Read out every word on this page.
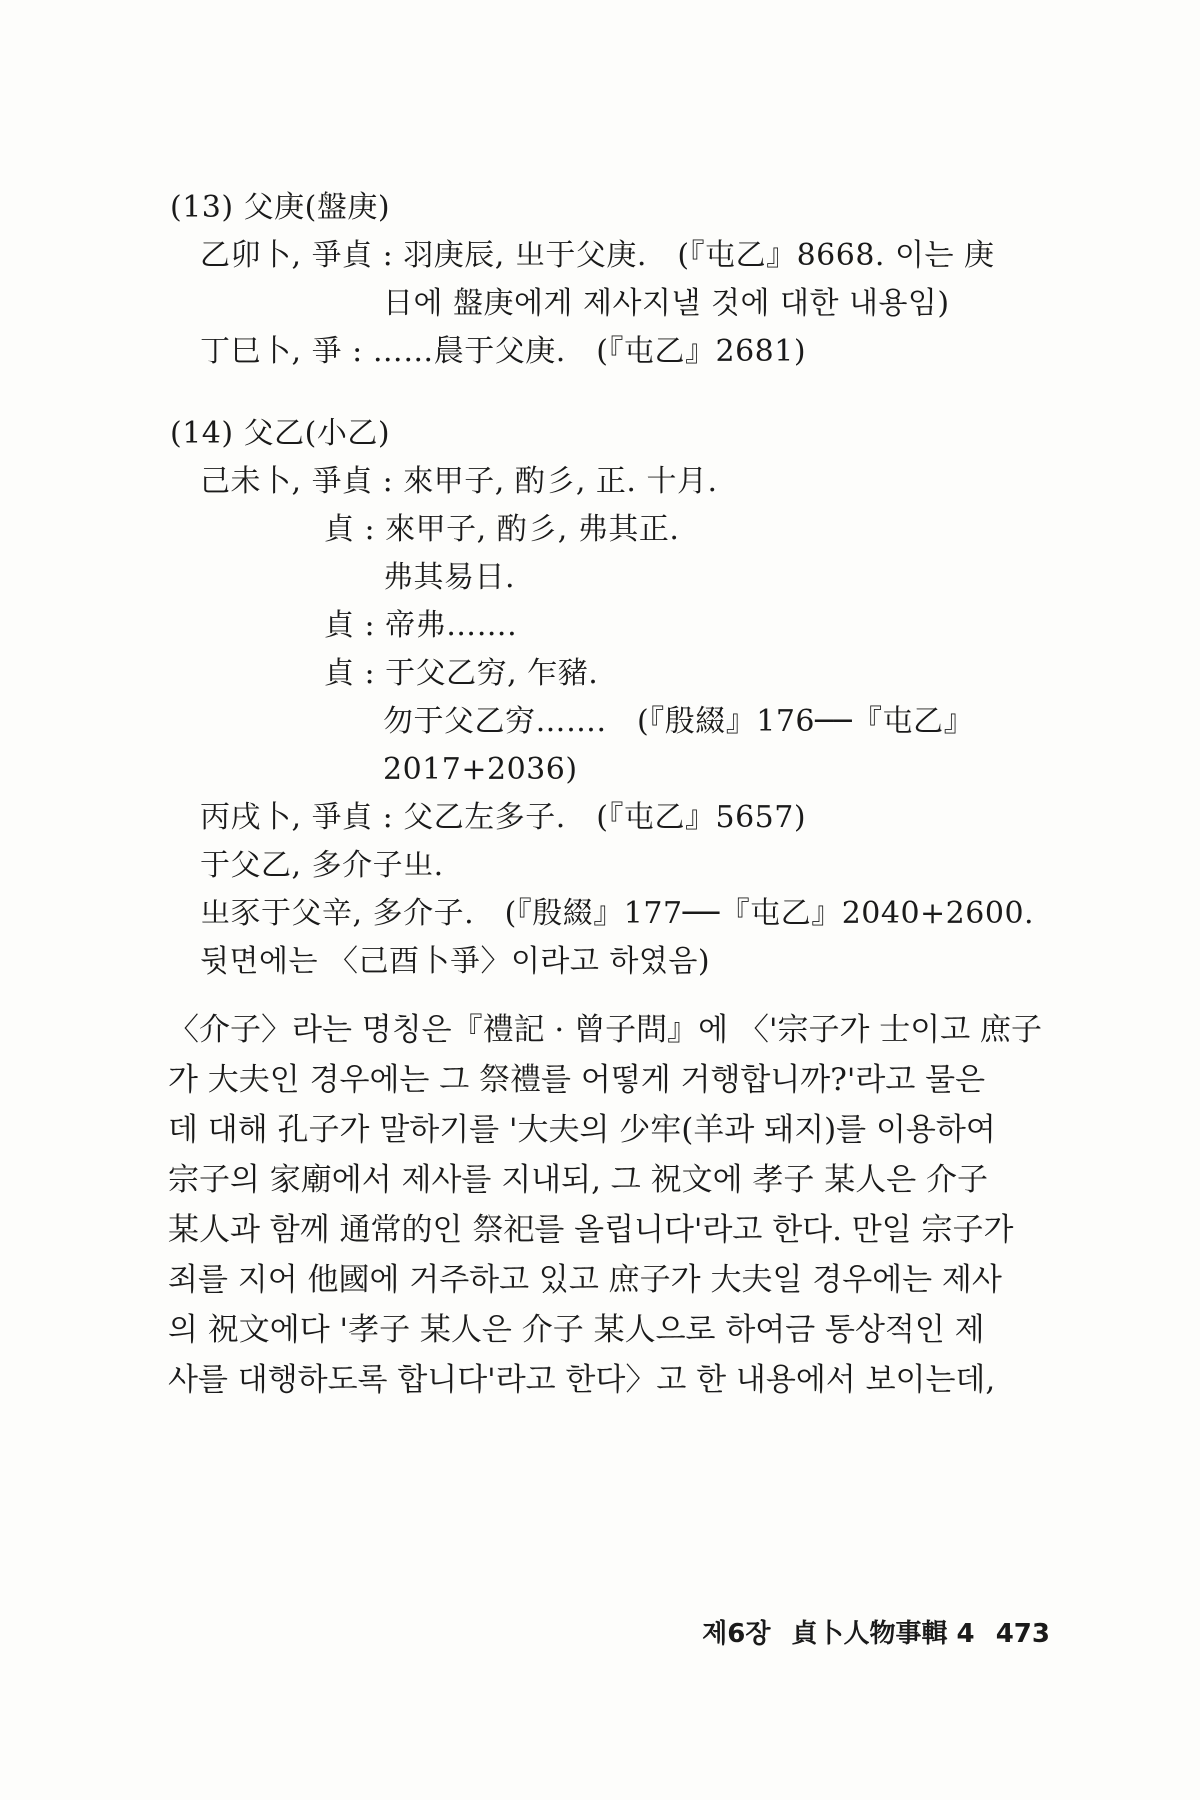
(13) 父庚(盤庚)
乙卯卜, 爭貞 : 羽庚辰, 㞢于父庚.　(『屯乙』8668. 이는 庚
日에 盤庚에게 제사지낼 것에 대한 내용임)
丁巳卜, 爭 : ……䢅于父庚.　(『屯乙』2681)
(14) 父乙(小乙)
己未卜, 爭貞 : 來甲子, 酌彡, 正. 十月.
貞 : 來甲子, 酌彡, 弗其正.
弗其易日.
貞 : 帝弗…….
貞 : 于父乙穷, 乍豬.
勿于父乙穷…….　(『殷綴』176──『屯乙』
2017+2036)
丙戌卜, 爭貞 : 父乙左多子.　(『屯乙』5657)
于父乙, 多介子㞢.
㞢豕于父辛, 多介子.　(『殷綴』177──『屯乙』2040+2600.
뒷면에는 〈己酉卜爭〉이라고 하였음)
〈介子〉라는 명칭은『禮記 · 曾子問』에 〈'宗子가 士이고 庶子
가 大夫인 경우에는 그 祭禮를 어떻게 거행합니까?'라고 물은
데 대해 孔子가 말하기를 '大夫의 少牢(羊과 돼지)를 이용하여
宗子의 家廟에서 제사를 지내되, 그 祝文에 孝子 某人은 介子
某人과 함께 通常的인 祭祀를 올립니다'라고 한다. 만일 宗子가
죄를 지어 他國에 거주하고 있고 庶子가 大夫일 경우에는 제사
의 祝文에다 '孝子 某人은 介子 某人으로 하여금 통상적인 제
사를 대행하도록 합니다'라고 한다〉고 한 내용에서 보이는데,
제6장 貞卜人物事輯 4 473
